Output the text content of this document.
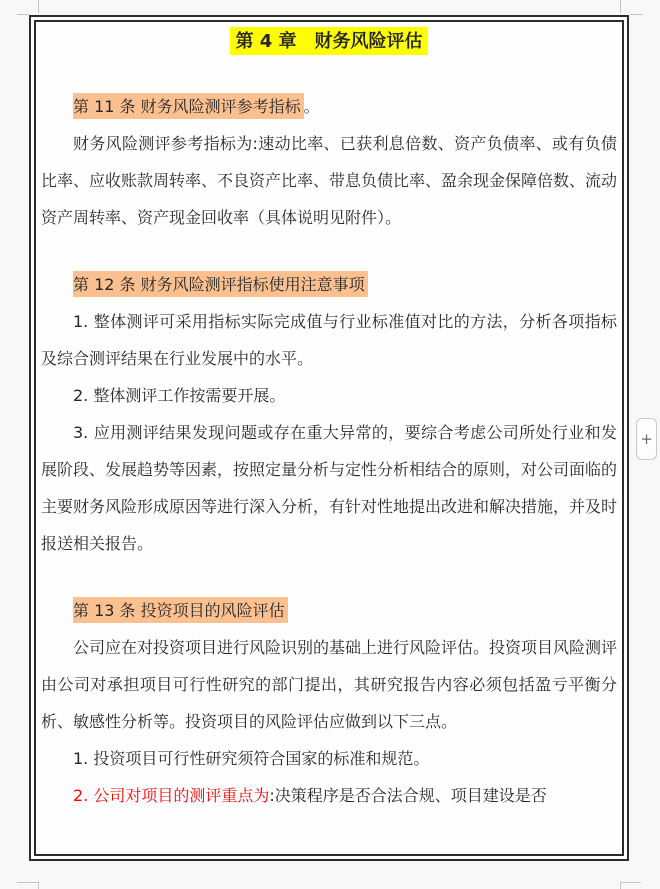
第 4 章　财务风险评估

第 11 条 财务风险测评参考指标 。

财务风险测评参考指标为:速动比率、已获利息倍数、资产负债率、或有负债比率、应收账款周转率、不良资产比率、带息负债比率、盈余现金保障倍数、流动资产周转率、资产现金回收率（具体说明见附件）。

第 12 条 财务风险测评指标使用注意事项

1. 整体测评可采用指标实际完成值与行业标准值对比的方法，分析各项指标及综合测评结果在行业发展中的水平。

2. 整体测评工作按需要开展。

3. 应用测评结果发现问题或存在重大异常的，要综合考虑公司所处行业和发展阶段、发展趋势等因素，按照定量分析与定性分析相结合的原则，对公司面临的主要财务风险形成原因等进行深入分析，有针对性地提出改进和解决措施，并及时报送相关报告。

第 13 条 投资项目的风险评估

公司应在对投资项目进行风险识别的基础上进行风险评估。投资项目风险测评由公司对承担项目可行性研究的部门提出，其研究报告内容必须包括盈亏平衡分析、敏感性分析等。投资项目的风险评估应做到以下三点。

1. 投资项目可行性研究须符合国家的标准和规范。

2. 公司对项目的测评重点为:决策程序是否合法合规、项目建设是否

+
